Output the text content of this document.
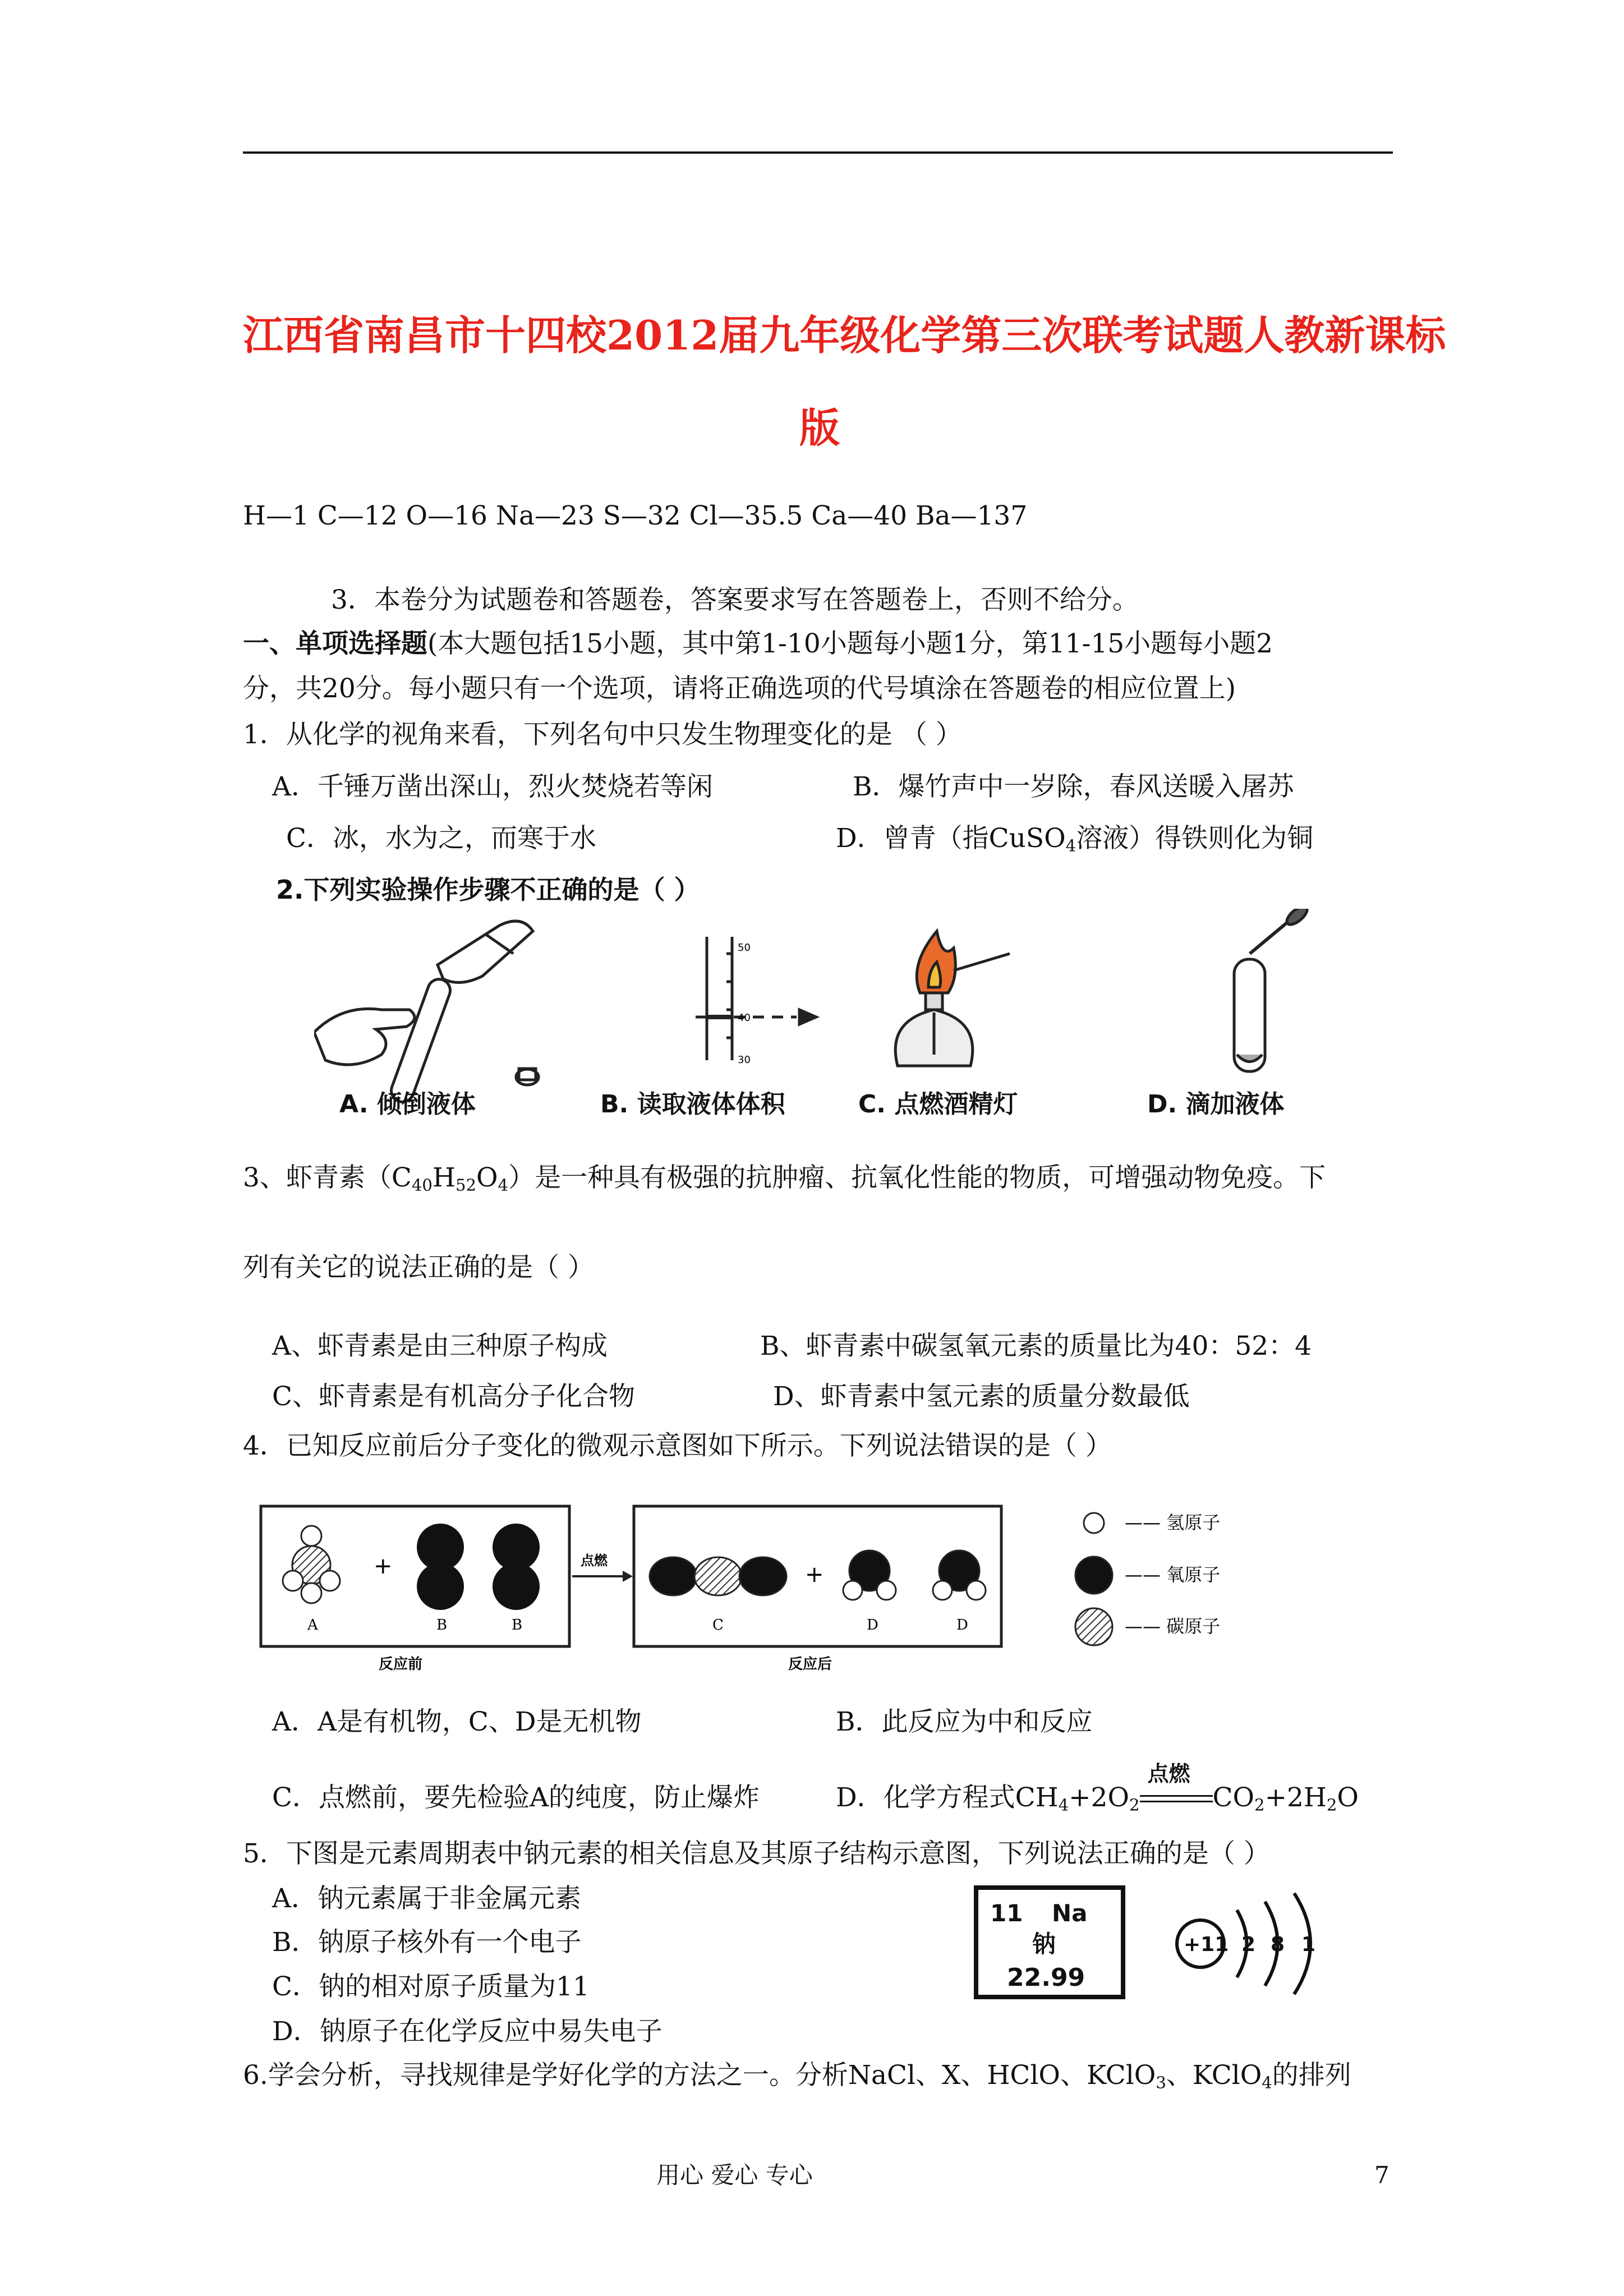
江西省南昌市十四校2012届九年级化学第三次联考试题人教新课标
版
H—1 C—12 O—16 Na—23 S—32 Cl—35.5 Ca—40 Ba—137
3．本卷分为试题卷和答题卷，答案要求写在答题卷上，否则不给分。
一、单项选择题(本大题包括15小题，其中第1-10小题每小题1分，第11-15小题每小题2
分，共20分。每小题只有一个选项，请将正确选项的代号填涂在答题卷的相应位置上)
1．从化学的视角来看，下列名句中只发生物理变化的是 （ ）
A．千锤万凿出深山，烈火焚烧若等闲	B．爆竹声中一岁除，春风送暖入屠苏
C．冰，水为之，而寒于水	D．曾青（指CuSO$_4$溶液）得铁则化为铜
2.下列实验操作步骤不正确的是（ ）
50
40
30
A. 倾倒液体	B. 读取液体体积	C. 点燃酒精灯	D. 滴加液体
3、虾青素$(C_{40}H_{52}O_4)$是一种具有极强的抗肿瘤、抗氧化性能的物质，可增强动物免疫。下
列有关它的说法正确的是（ ）
A、虾青素是由三种原子构成	B、虾青素中碳氢氧元素的质量比为40：52：4
C、虾青素是有机高分子化合物	D、虾青素中氢元素的质量分数最低
4．已知反应前后分子变化的微观示意图如下所示。下列说法错误的是（ ）
+	点燃
+
A	B	B	C	D	D
反应前	反应后
—— 氢原子
—— 氧原子
—— 碳原子
A．A是有机物，C、D是无机物	B．此反应为中和反应
C．点燃前，要先检验A的纯度，防止爆炸	D．化学方程式$CH_4+2O_2$
点燃
$CO_2+2H_2O$
5．下图是元素周期表中钠元素的相关信息及其原子结构示意图，下列说法正确的是（ ）
A．钠元素属于非金属元素
B．钠原子核外有一个电子
C．钠的相对原子质量为11
D．钠原子在化学反应中易失电子
11 Na
钠
22.99
+11 2 8 1
6.学会分析，寻找规律是学好化学的方法之一。分析NaCl、X、HClO、KClO$_3$、KClO$_4$的排列
用心 爱心 专心	7
